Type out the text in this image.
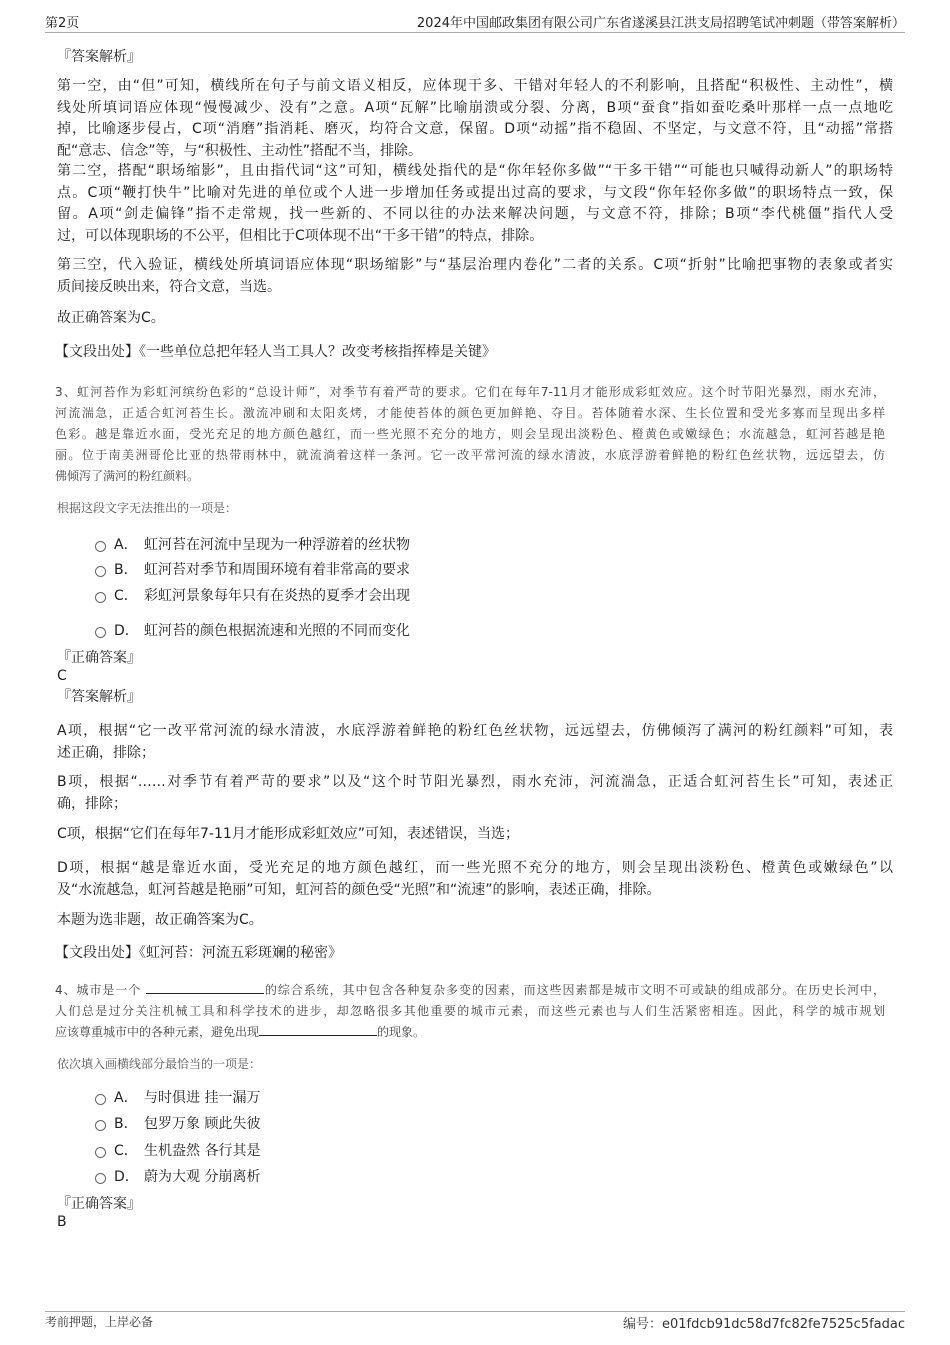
第2页	2024年中国邮政集团有限公司广东省遂溪县江洪支局招聘笔试冲刺题（带答案解析）
『答案解析』
第一空，由“但”可知，横线所在句子与前文语义相反，应体现干多、干错对年轻人的不利影响，且搭配“积极性、主动性”，横
线处所填词语应体现“慢慢减少、没有”之意。A项“瓦解”比喻崩溃或分裂、分离，B项“蚕食”指如蚕吃桑叶那样一点一点地吃
掉，比喻逐步侵占，C项“消磨”指消耗、磨灭，均符合文意，保留。D项“动摇”指不稳固、不坚定，与文意不符，且“动摇”常搭
配“意志、信念”等，与“积极性、主动性”搭配不当，排除。
第二空，搭配“职场缩影”，且由指代词“这”可知，横线处指代的是“你年轻你多做”“干多干错”“可能也只喊得动新人”的职场特
点。C项“鞭打快牛”比喻对先进的单位或个人进一步增加任务或提出过高的要求，与文段“你年轻你多做”的职场特点一致，保
留。A项“剑走偏锋”指不走常规，找一些新的、不同以往的办法来解决问题，与文意不符，排除；B项“李代桃僵”指代人受
过，可以体现职场的不公平，但相比于C项体现不出“干多干错”的特点，排除。
第三空，代入验证，横线处所填词语应体现“职场缩影”与“基层治理内卷化”二者的关系。C项“折射”比喻把事物的表象或者实
质间接反映出来，符合文意，当选。
故正确答案为C。
【文段出处】《一些单位总把年轻人当工具人？改变考核指挥棒是关键》
3、虹河苔作为彩虹河缤纷色彩的“总设计师”，对季节有着严苛的要求。它们在每年7-11月才能形成彩虹效应。这个时节阳光暴烈，雨水充沛，
河流湍急，正适合虹河苔生长。激流冲刷和太阳炙烤，才能使苔体的颜色更加鲜艳、夺目。苔体随着水深、生长位置和受光多寡而呈现出多样
色彩。越是靠近水面，受光充足的地方颜色越红，而一些光照不充分的地方，则会呈现出淡粉色、橙黄色或嫩绿色；水流越急，虹河苔越是艳
丽。位于南美洲哥伦比亚的热带雨林中，就流淌着这样一条河。它一改平常河流的绿水清波，水底浮游着鲜艳的粉红色丝状物，远远望去，仿
佛倾泻了满河的粉红颜料。
根据这段文字无法推出的一项是：
A． 虹河苔在河流中呈现为一种浮游着的丝状物
B． 虹河苔对季节和周围环境有着非常高的要求
C． 彩虹河景象每年只有在炎热的夏季才会出现
D． 虹河苔的颜色根据流速和光照的不同而变化
『正确答案』
C
『答案解析』
A项，根据“它一改平常河流的绿水清波，水底浮游着鲜艳的粉红色丝状物，远远望去，仿佛倾泻了满河的粉红颜料”可知，表
述正确，排除；
B项，根据“……对季节有着严苛的要求”以及“这个时节阳光暴烈，雨水充沛，河流湍急，正适合虹河苔生长”可知，表述正
确，排除；
C项，根据“它们在每年7-11月才能形成彩虹效应”可知，表述错误，当选；
D项，根据“越是靠近水面，受光充足的地方颜色越红，而一些光照不充分的地方，则会呈现出淡粉色、橙黄色或嫩绿色”以
及“水流越急，虹河苔越是艳丽”可知，虹河苔的颜色受“光照”和“流速”的影响，表述正确，排除。
本题为选非题，故正确答案为C。
【文段出处】《虹河苔：河流五彩斑斓的秘密》
4、城市是一个	的综合系统，其中包含各种复杂多变的因素，而这些因素都是城市文明不可或缺的组成部分。在历史长河中，
人们总是过分关注机械工具和科学技术的进步，却忽略很多其他重要的城市元素，而这些元素也与人们生活紧密相连。因此，科学的城市规划
应该尊重城市中的各种元素，避免出现	的现象。
依次填入画横线部分最恰当的一项是：
A． 与时俱进 挂一漏万
B． 包罗万象 顾此失彼
C． 生机盎然 各行其是
D． 蔚为大观 分崩离析
『正确答案』
B
考前押题，上岸必备	编号：e01fdcb91dc58d7fc82fe7525c5fadac
